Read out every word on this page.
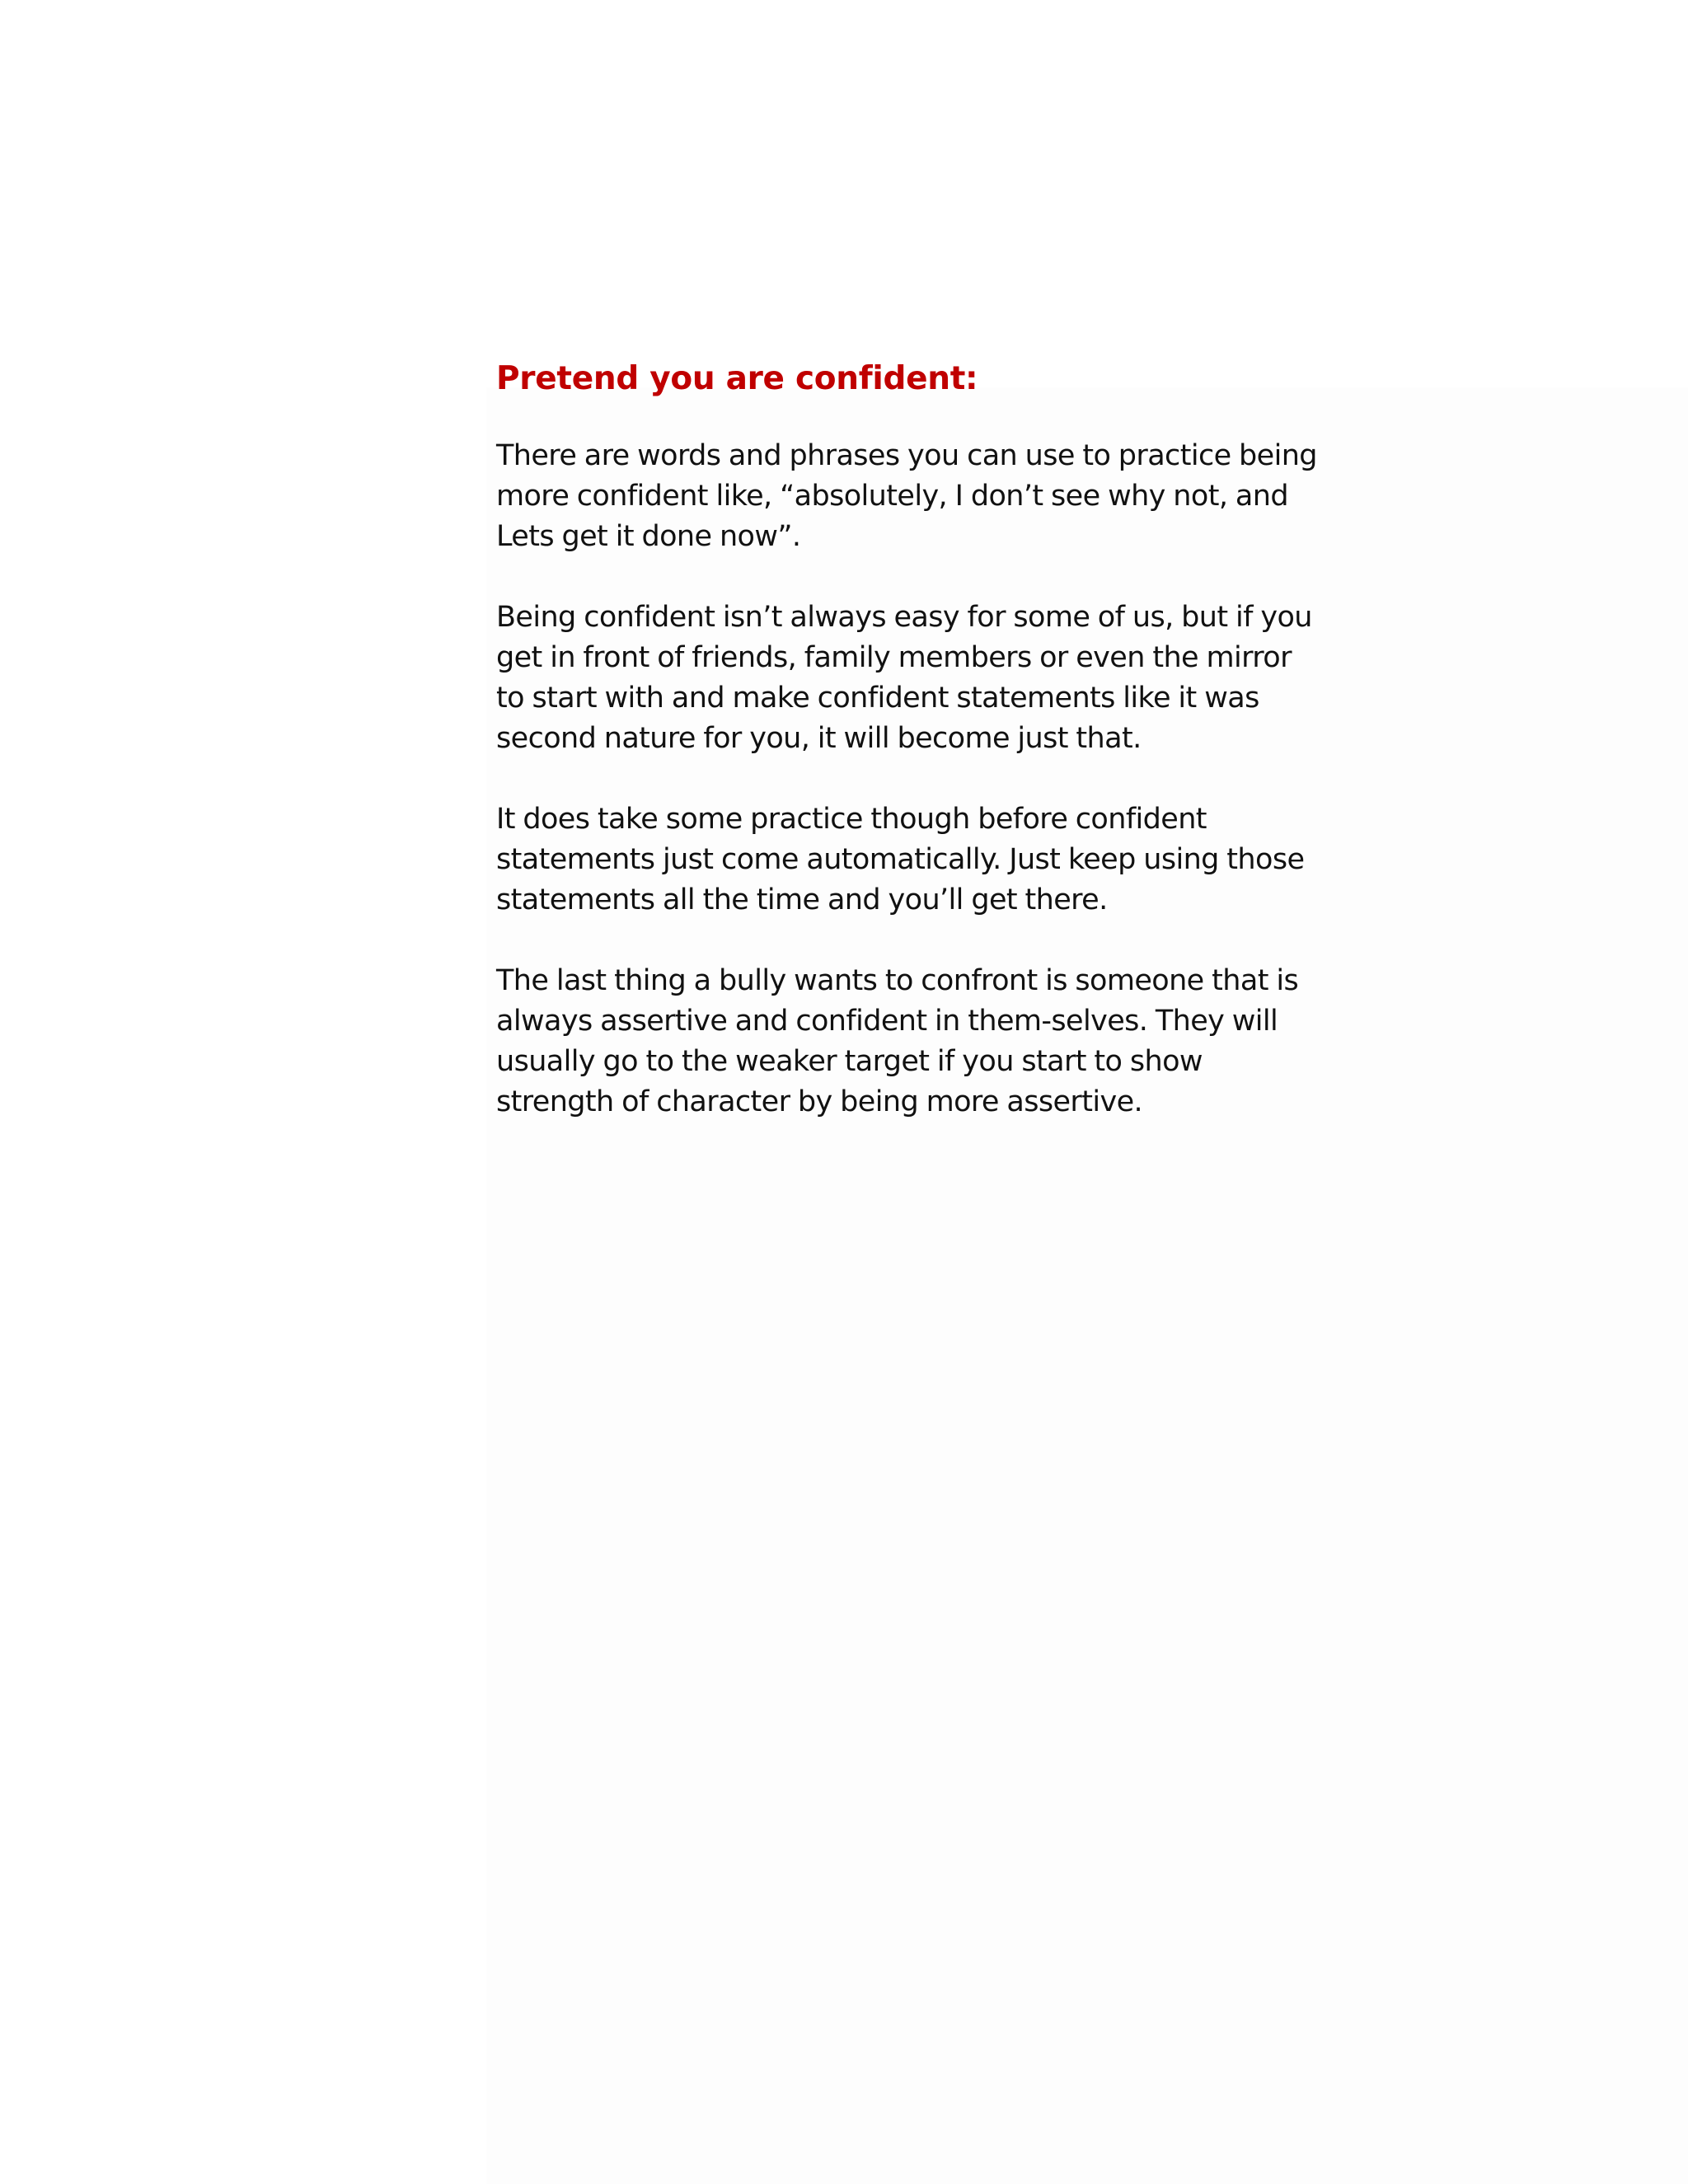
Pretend you are confident:

There are words and phrases you can use to practice being more confident like, “absolutely, I don’t see why not, and Lets get it done now”.

Being confident isn’t always easy for some of us, but if you get in front of friends, family members or even the mirror to start with and make confident statements like it was second nature for you, it will become just that.

It does take some practice though before confident statements just come automatically. Just keep using those statements all the time and you’ll get there.

The last thing a bully wants to confront is someone that is always assertive and confident in them-selves. They will usually go to the weaker target if you start to show strength of character by being more assertive.
